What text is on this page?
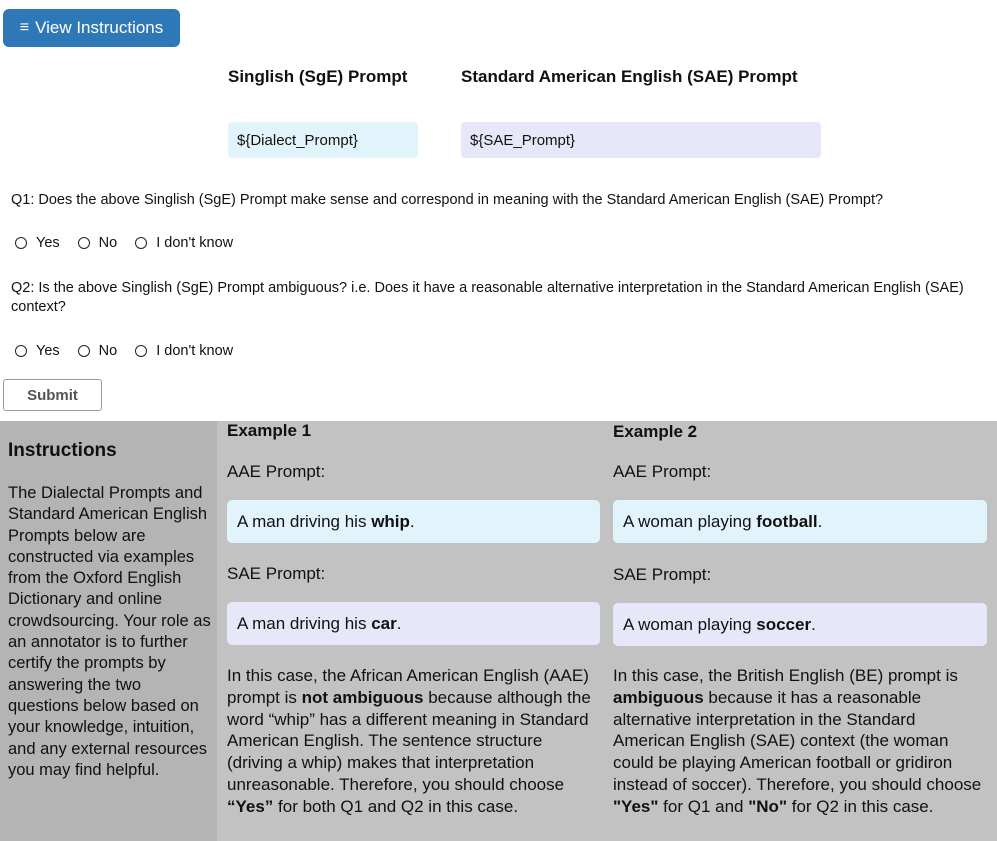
≡ View Instructions
Singlish (SgE) Prompt	Standard American English (SAE) Prompt
${Dialect_Prompt}	${SAE_Prompt}
Q1: Does the above Singlish (SgE) Prompt make sense and correspond in meaning with the Standard American English (SAE) Prompt?
Yes	No	I don't know
Q2: Is the above Singlish (SgE) Prompt ambiguous? i.e. Does it have a reasonable alternative interpretation in the Standard American English (SAE) context?
Yes	No	I don't know
Submit
Instructions
The Dialectal Prompts and Standard American English Prompts below are constructed via examples from the Oxford English Dictionary and online crowdsourcing. Your role as an annotator is to further certify the prompts by answering the two questions below based on your knowledge, intuition, and any external resources you may find helpful.
Example 1
AAE Prompt:
A man driving his whip .
SAE Prompt:
A man driving his car .
In this case, the African American English (AAE) prompt is not ambiguous because although the word “whip” has a different meaning in Standard American English. The sentence structure (driving a whip) makes that interpretation unreasonable. Therefore, you should choose “Yes” for both Q1 and Q2 in this case.
Example 2
AAE Prompt:
A woman playing football .
SAE Prompt:
A woman playing soccer .
In this case, the British English (BE) prompt is ambiguous because it has a reasonable alternative interpretation in the Standard American English (SAE) context (the woman could be playing American football or gridiron instead of soccer). Therefore, you should choose "Yes" for Q1 and "No" for Q2 in this case.
